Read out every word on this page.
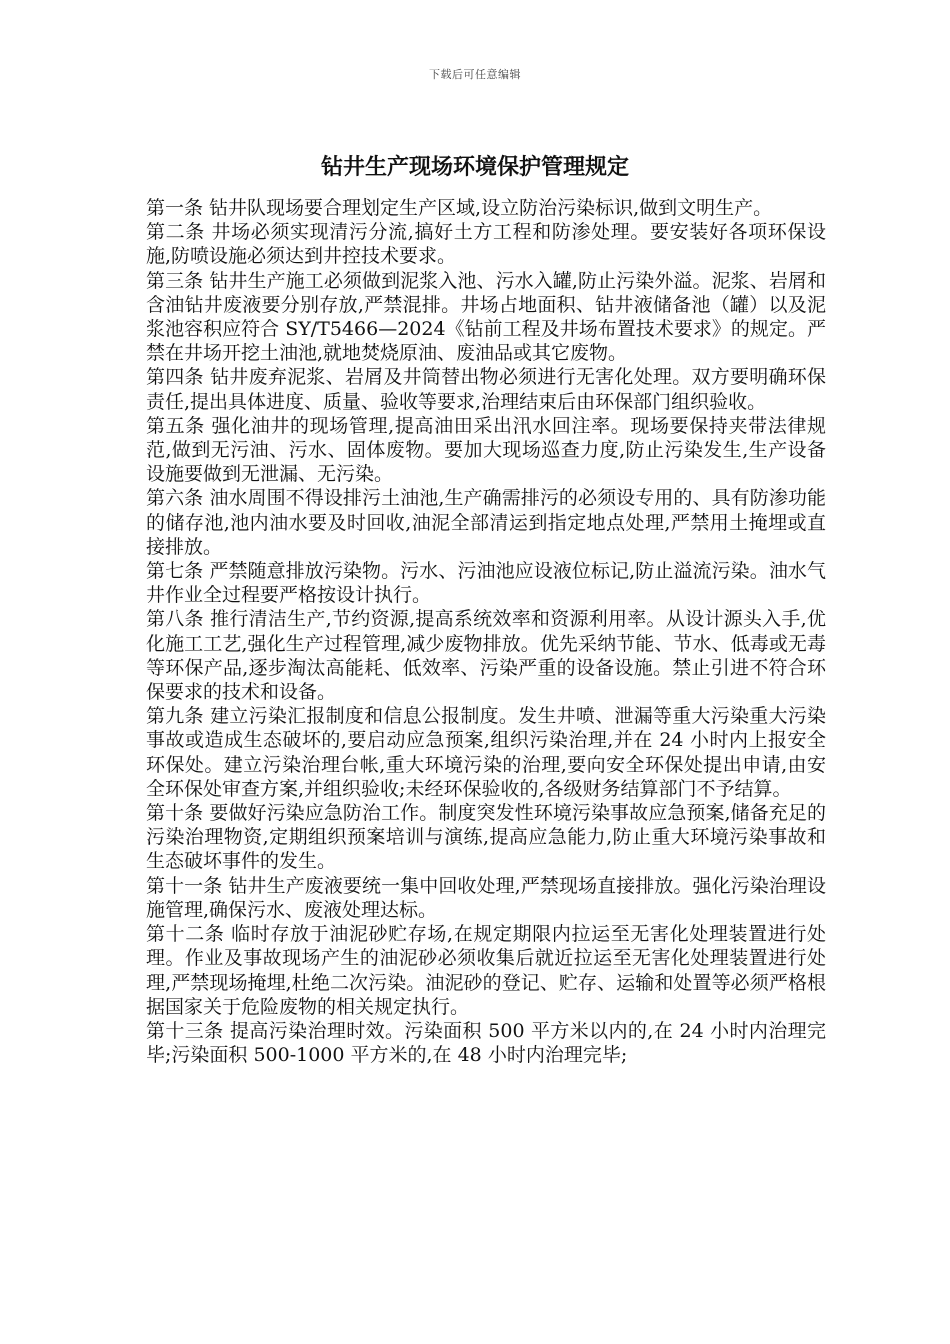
下载后可任意编辑
钻井生产现场环境保护管理规定

第一条 钻井队现场要合理划定生产区域,设立防治污染标识,做到文明生产。

第二条 井场必须实现清污分流,搞好土方工程和防渗处理。要安装好各项环保设施,防喷设施必须达到井控技术要求。

第三条 钻井生产施工必须做到泥浆入池、污水入罐,防止污染外溢。泥浆、岩屑和含油钻井废液要分别存放,严禁混排。井场占地面积、钻井液储备池（罐）以及泥浆池容积应符合 SY/T5466—2024《钻前工程及井场布置技术要求》的规定。严禁在井场开挖土油池,就地焚烧原油、废油品或其它废物。

第四条 钻井废弃泥浆、岩屑及井筒替出物必须进行无害化处理。双方要明确环保责任,提出具体进度、质量、验收等要求,治理结束后由环保部门组织验收。

第五条 强化油井的现场管理,提高油田采出汛水回注率。现场要保持夹带法律规范,做到无污油、污水、固体废物。要加大现场巡查力度,防止污染发生,生产设备设施要做到无泄漏、无污染。

第六条 油水周围不得设排污土油池,生产确需排污的必须设专用的、具有防渗功能的储存池,池内油水要及时回收,油泥全部清运到指定地点处理,严禁用土掩埋或直接排放。

第七条 严禁随意排放污染物。污水、污油池应设液位标记,防止溢流污染。油水气井作业全过程要严格按设计执行。

第八条 推行清洁生产,节约资源,提高系统效率和资源利用率。从设计源头入手,优化施工工艺,强化生产过程管理,减少废物排放。优先采纳节能、节水、低毒或无毒等环保产品,逐步淘汰高能耗、低效率、污染严重的设备设施。禁止引进不符合环保要求的技术和设备。

第九条 建立污染汇报制度和信息公报制度。发生井喷、泄漏等重大污染重大污染事故或造成生态破坏的,要启动应急预案,组织污染治理,并在 24 小时内上报安全环保处。建立污染治理台帐,重大环境污染的治理,要向安全环保处提出申请,由安全环保处审查方案,并组织验收;未经环保验收的,各级财务结算部门不予结算。

第十条 要做好污染应急防治工作。制度突发性环境污染事故应急预案,储备充足的污染治理物资,定期组织预案培训与演练,提高应急能力,防止重大环境污染事故和生态破坏事件的发生。

第十一条 钻井生产废液要统一集中回收处理,严禁现场直接排放。强化污染治理设施管理,确保污水、废液处理达标。

第十二条 临时存放于油泥砂贮存场,在规定期限内拉运至无害化处理装置进行处理。作业及事故现场产生的油泥砂必须收集后就近拉运至无害化处理装置进行处理,严禁现场掩埋,杜绝二次污染。油泥砂的登记、贮存、运输和处置等必须严格根据国家关于危险废物的相关规定执行。

第十三条 提高污染治理时效。污染面积 500 平方米以内的,在 24 小时内治理完毕;污染面积 500-1000 平方米的,在 48 小时内治理完毕;
